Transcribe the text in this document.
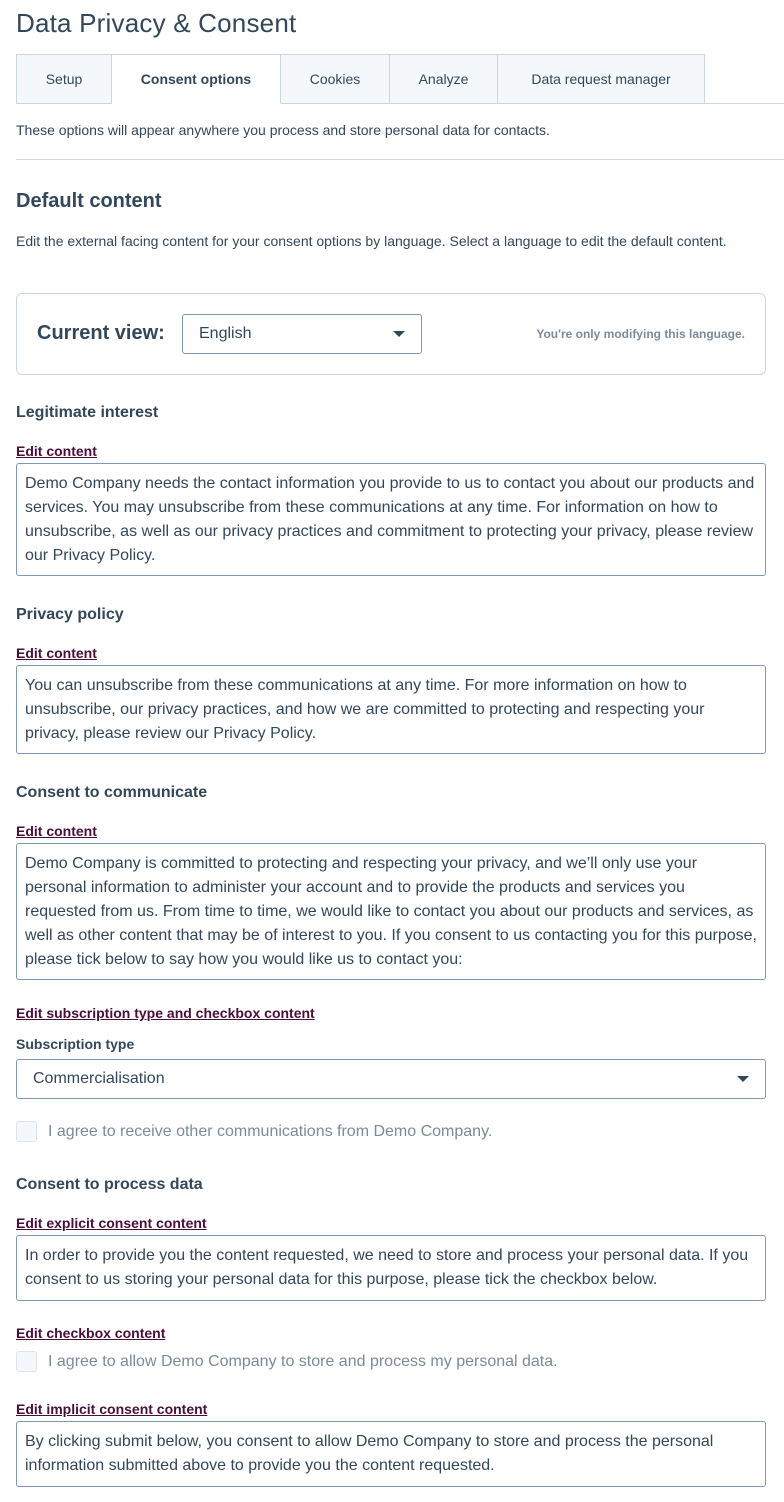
Data Privacy & Consent
Setup	Consent options	Cookies	Analyze	Data request manager
These options will appear anywhere you process and store personal data for contacts.
Default content
Edit the external facing content for your consent options by language. Select a language to edit the default content.
Current view: English	You're only modifying this language.
Legitimate interest
Edit content
Demo Company needs the contact information you provide to us to contact you about our products and services. You may unsubscribe from these communications at any time. For information on how to unsubscribe, as well as our privacy practices and commitment to protecting your privacy, please review our Privacy Policy.
Privacy policy
Edit content
You can unsubscribe from these communications at any time. For more information on how to unsubscribe, our privacy practices, and how we are committed to protecting and respecting your privacy, please review our Privacy Policy.
Consent to communicate
Edit content
Demo Company is committed to protecting and respecting your privacy, and we’ll only use your personal information to administer your account and to provide the products and services you requested from us. From time to time, we would like to contact you about our products and services, as well as other content that may be of interest to you. If you consent to us contacting you for this purpose, please tick below to say how you would like us to contact you:
Edit subscription type and checkbox content
Subscription type
Commercialisation
I agree to receive other communications from Demo Company.
Consent to process data
Edit explicit consent content
In order to provide you the content requested, we need to store and process your personal data. If you consent to us storing your personal data for this purpose, please tick the checkbox below.
Edit checkbox content
I agree to allow Demo Company to store and process my personal data.
Edit implicit consent content
By clicking submit below, you consent to allow Demo Company to store and process the personal information submitted above to provide you the content requested.
